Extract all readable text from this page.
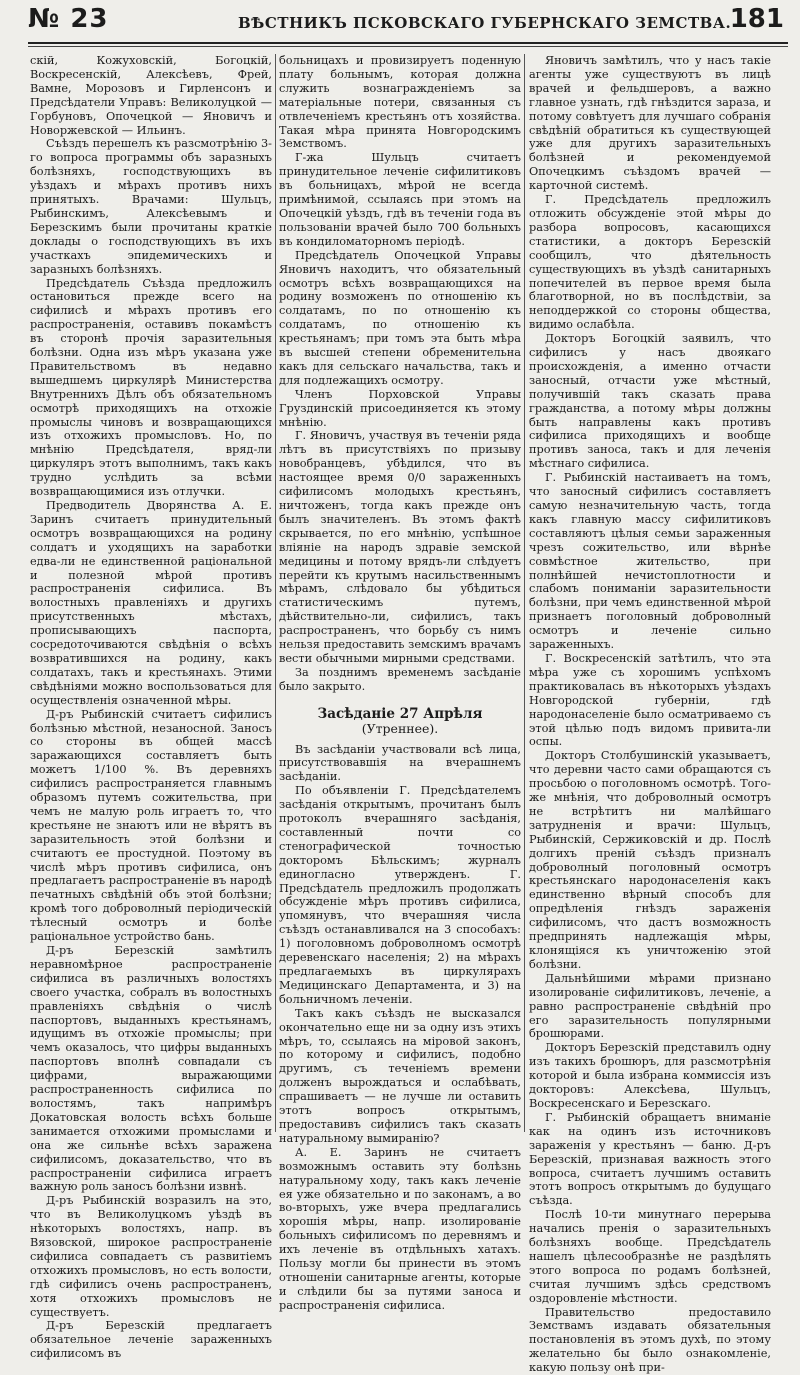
№ 23	ВѢСТНИКЪ ПСКОВСКАГО ГУБЕРНСКАГО ЗЕМСТВА.
181

скій, Кожуховскій, Богоцкій, Воскресенскій, Алексѣевъ, Фрей, Вамне, Морозовъ и Гирленсонъ и Предсѣдатели Управъ: Великолуцкой — Горбуновъ, Опочецкой — Яновичъ и Новоржевской — Ильинъ.

Съѣздъ перешелъ къ разсмотрѣнію 3-го вопроса программы объ заразныхъ болѣзняхъ, господствующихъ въ уѣздахъ и мѣрахъ противъ нихъ принятыхъ. Врачами: Шульцъ, Рыбинскимъ, Алексѣевымъ и Березскимъ были прочитаны краткіе доклады о господствующихъ въ ихъ участкахъ эпидемическихъ и заразныхъ болѣзняхъ.

Предсѣдатель Съѣзда предложилъ остановиться прежде всего на сифилисѣ и мѣрахъ противъ его распространенія, оставивъ покамѣстъ въ сторонѣ прочія заразительныя болѣзни. Одна изъ мѣръ указана уже Правительствомъ въ недавно вышедшемъ циркулярѣ Министерства Внутреннихъ Дѣлъ объ обязательномъ осмотрѣ приходящихъ на отхожіе промыслы чиновъ и возвращающихся изъ отхожихъ промысловъ. Но, по мнѣнію Предсѣдателя, вряд-ли циркуляръ этотъ выполнимъ, такъ какъ трудно услѣдить за всѣми возвращающимися изъ отлучки.

Предводитель Дворянства А. Е. Заринъ считаетъ принудительный осмотръ возвращающихся на родину солдатъ и уходящихъ на заработки едва-ли не единственной раціональной и полезной мѣрой противъ распространенія сифилиса. Въ волостныхъ правленіяхъ и другихъ присутственныхъ мѣстахъ, прописывающихъ паспорта, сосредоточиваются свѣдѣнія о всѣхъ возвратившихся на родину, какъ солдатахъ, такъ и крестьянахъ. Этими свѣдѣніями можно воспользоваться для осуществленія означенной мѣры.

Д-ръ Рыбинскій считаетъ сифилисъ болѣзнью мѣстной, незаносной. Заносъ со стороны въ общей массѣ заражающихся составляетъ быть можетъ 1/100 %. Въ деревняхъ сифилисъ распространяется главнымъ образомъ путемъ сожительства, при чемъ не малую роль играетъ то, что крестьяне не знаютъ или не вѣрятъ въ заразительность этой болѣзни и считаютъ ее простудной. Поэтому въ числѣ мѣръ противъ сифилиса, онъ предлагаетъ распространеніе въ народѣ печатныхъ свѣдѣній объ этой болѣзни; кромѣ того доброволный періодическій тѣлесный осмотръ и болѣе раціональное устройство бань.

Д-ръ Березскій замѣтилъ неравномѣрное распространеніе сифилиса въ различныхъ волостяхъ своего участка, собралъ въ волостныхъ правленіяхъ свѣдѣнія о числѣ паспортовъ, выданныхъ крестьянамъ, идущимъ въ отхожіе промыслы; при чемъ оказалось, что цифры выданныхъ паспортовъ вполнѣ совпадали съ цифрами, выражающими распространенность сифилиса по волостямъ, такъ напримѣръ Докатовская волость всѣхъ больше занимается отхожими промыслами и она же сильнѣе всѣхъ заражена сифилисомъ, доказательство, что въ распространеніи сифилиса играетъ важную роль заносъ болѣзни извнѣ.

Д-ръ Рыбинскій возразилъ на это, что въ Великолуцкомъ уѣздѣ въ нѣкоторыхъ волостяхъ, напр. въ Вязовской, широкое распространеніе сифилиса совпадаетъ съ развитіемъ отхожихъ промысловъ, но есть волости, гдѣ сифилисъ очень распространенъ, хотя отхожихъ промысловъ не существуетъ.

Д-ръ Березскій предлагаетъ обязательное леченіе зараженныхъ сифилисомъ въ

больницахъ и провизируетъ поденную плату больнымъ, которая должна служить вознагражденіемъ за матеріальные потери, связанныя съ отвлеченіемъ крестьянъ отъ хозяйства. Такая мѣра принята Новгородскимъ Земствомъ.

Г-жа Шульцъ считаетъ принудительное леченіе сифилитиковъ въ больницахъ, мѣрой не всегда примѣнимой, ссылаясь при этомъ на Опочецкій уѣздъ, гдѣ въ теченіи года въ пользованіи врачей было 700 больныхъ въ кондиломаторномъ періодѣ.

Предсѣдатель Опочецкой Управы Яновичъ находитъ, что обязательный осмотръ всѣхъ возвращающихся на родину возможенъ по отношенію къ солдатамъ, по по отношенію къ солдатамъ, по отношенію къ крестьянамъ; при томъ эта быть мѣра въ высшей степени обременительна какъ для сельскаго начальства, такъ и для подлежащихъ осмотру.

Членъ Порховской Управы Груздинскій присоединяется къ этому мнѣнію.

Г. Яновичъ, участвуя въ теченіи ряда лѣтъ въ присутствіяхъ по призыву новобранцевъ, убѣдился, что въ настоящее время 0/0 зараженныхъ сифилисомъ молодыхъ крестьянъ, ничтоженъ, тогда какъ прежде онъ былъ значителенъ. Въ этомъ фактѣ скрывается, по его мнѣнію, успѣшное вліяніе на народъ здравіе земской медицины и потому врядъ-ли слѣдуетъ перейти къ крутымъ насильственнымъ мѣрамъ, слѣдовало бы убѣдиться статистическимъ путемъ, дѣйствительно-ли, сифилисъ, такъ распространенъ, что борьбу съ нимъ нельзя предоставить земскимъ врачамъ вести обычными мирными средствами.

За позднимъ временемъ засѣданіе было закрыто.

Засѣданіе 27 Апрѣля (Утреннее).

Въ засѣданіи участвовали всѣ лица, присутствовавшія на вчерашнемъ засѣданіи.

По объявленіи Г. Предсѣдателемъ засѣданія открытымъ, прочитанъ былъ протоколъ вчерашняго засѣданія, составленный почти со стенографической точностью докторомъ Бѣльскимъ; журналъ единогласно утвержденъ. Г. Предсѣдатель предложилъ продолжать обсужденіе мѣръ противъ сифилиса, упомянувъ, что вчерашняя числа съѣздъ останавливался на 3 способахъ: 1) поголовномъ доброволномъ осмотрѣ деревенскаго населенія; 2) на мѣрахъ предлагаемыхъ въ циркулярахъ Медицинскаго Департамента, и 3) на больничномъ леченіи.

Такъ какъ съѣздъ не высказался окончательно еще ни за одну изъ этихъ мѣръ, то, ссылаясь на міровой законъ, по которому и сифилисъ, подобно другимъ, съ теченіемъ времени долженъ вырождаться и ослабѣвать, спрашиваетъ — не лучше ли оставить этотъ вопросъ открытымъ, предоставивъ сифилисъ такъ сказать натуральному вымиранію?

А. Е. Заринъ не считаетъ возможнымъ оставить эту болѣзнь натуральному ходу, такъ какъ леченіе ея уже обязательно и по законамъ, а во во-вторыхъ, уже вчера предлагались хорошія мѣры, напр. изолированіе больныхъ сифилисомъ по деревнямъ и ихъ леченіе въ отдѣльныхъ хатахъ. Пользу могли бы принести въ этомъ отношеніи санитарные агенты, которые и слѣдили бы за путями заноса и распространенія сифилиса.

Яновичъ замѣтилъ, что у насъ такіе агенты уже существуютъ въ лицѣ врачей и фельдшеровъ, а важно главное узнать, гдѣ гнѣздится зараза, и потому совѣтуетъ для лучшаго собранія свѣдѣній обратиться къ существующей уже для другихъ заразительныхъ болѣзней и рекомендуемой Опочецкимъ съѣздомъ врачей — карточной системѣ.

Г. Предсѣдатель предложилъ отложить обсужденіе этой мѣры до разбора вопросовъ, касающихся статистики, а докторъ Березскій сообщилъ, что дѣятельность существующихъ въ уѣздѣ санитарныхъ попечителей въ первое время была благотворной, но въ послѣдствіи, за неподдержкой со стороны общества, видимо ослабѣла.

Докторъ Богоцкій заявилъ, что сифилисъ у насъ двоякаго происхожденія, а именно отчасти заносный, отчасти уже мѣстный, получившій такъ сказать права гражданства, а потому мѣры должны быть направлены какъ противъ сифилиса приходящихъ и вообще противъ заноса, такъ и для леченія мѣстнаго сифилиса.

Г. Рыбинскій настаиваетъ на томъ, что заносный сифилисъ составляетъ самую незначительную часть, тогда какъ главную массу сифилитиковъ составляютъ цѣлыя семьи зараженныя чрезъ сожительство, или вѣрнѣе совмѣстное жительство, при полнѣйшей нечистоплотности и слабомъ пониманіи заразительности болѣзни, при чемъ единственной мѣрой признаетъ поголовный доброволный осмотръ и леченіе сильно зараженныхъ.

Г. Воскресенскій затѣтилъ, что эта мѣра уже съ хорошимъ успѣхомъ практиковалась въ нѣкоторыхъ уѣздахъ Новгородской губерніи, гдѣ народонаселеніе было осматриваемо съ этой цѣлью подъ видомъ привита-ли оспы.

Докторъ Столбушинскій указываетъ, что деревни часто сами обращаются съ просьбою о поголовномъ осмотрѣ. Того-же мнѣнія, что доброволный осмотръ не встрѣтитъ ни малѣйшаго затрудненія и врачи: Шульцъ, Рыбинскій, Сержиковскій и др. Послѣ долгихъ преній съѣздъ призналъ доброволный поголовный осмотръ крестьянскаго народонаселенія какъ единственно вѣрный способъ для опредѣленія гнѣздъ зараженія сифилисомъ, что дастъ возможность предпринять надлежащія мѣры, клонящіяся къ уничтоженію этой болѣзни.

Дальнѣйшими мѣрами признано изолированіе сифилитиковъ, леченіе, а равно распространеніе свѣдѣній про его заразительность популярными брошюрами.

Докторъ Березскій представилъ одну изъ такихъ брошюръ, для разсмотрѣнія которой и была избрана коммиссія изъ докторовъ: Алексѣева, Шульцъ, Воскресенскаго и Березскаго.

Г. Рыбинскій обращаетъ вниманіе как на одинъ изъ источниковъ зараженія у крестьянъ — баню. Д-ръ Березскій, признавая важность этого вопроса, считаетъ лучшимъ оставить этотъ вопросъ открытымъ до будущаго съѣзда.

Послѣ 10-ти минутнаго перерыва начались пренія о заразительныхъ болѣзняхъ вообще. Предсѣдатель нашелъ цѣлесообразнѣе не раздѣлять этого вопроса по родамъ болѣзней, считая лучшимъ здѣсь средствомъ оздоровленіе мѣстности.

Правительство предоставило Земствамъ издавать обязательныя постановленія въ этомъ духѣ, по этому желательно бы было ознакомленіе, какую пользу онѣ при-
